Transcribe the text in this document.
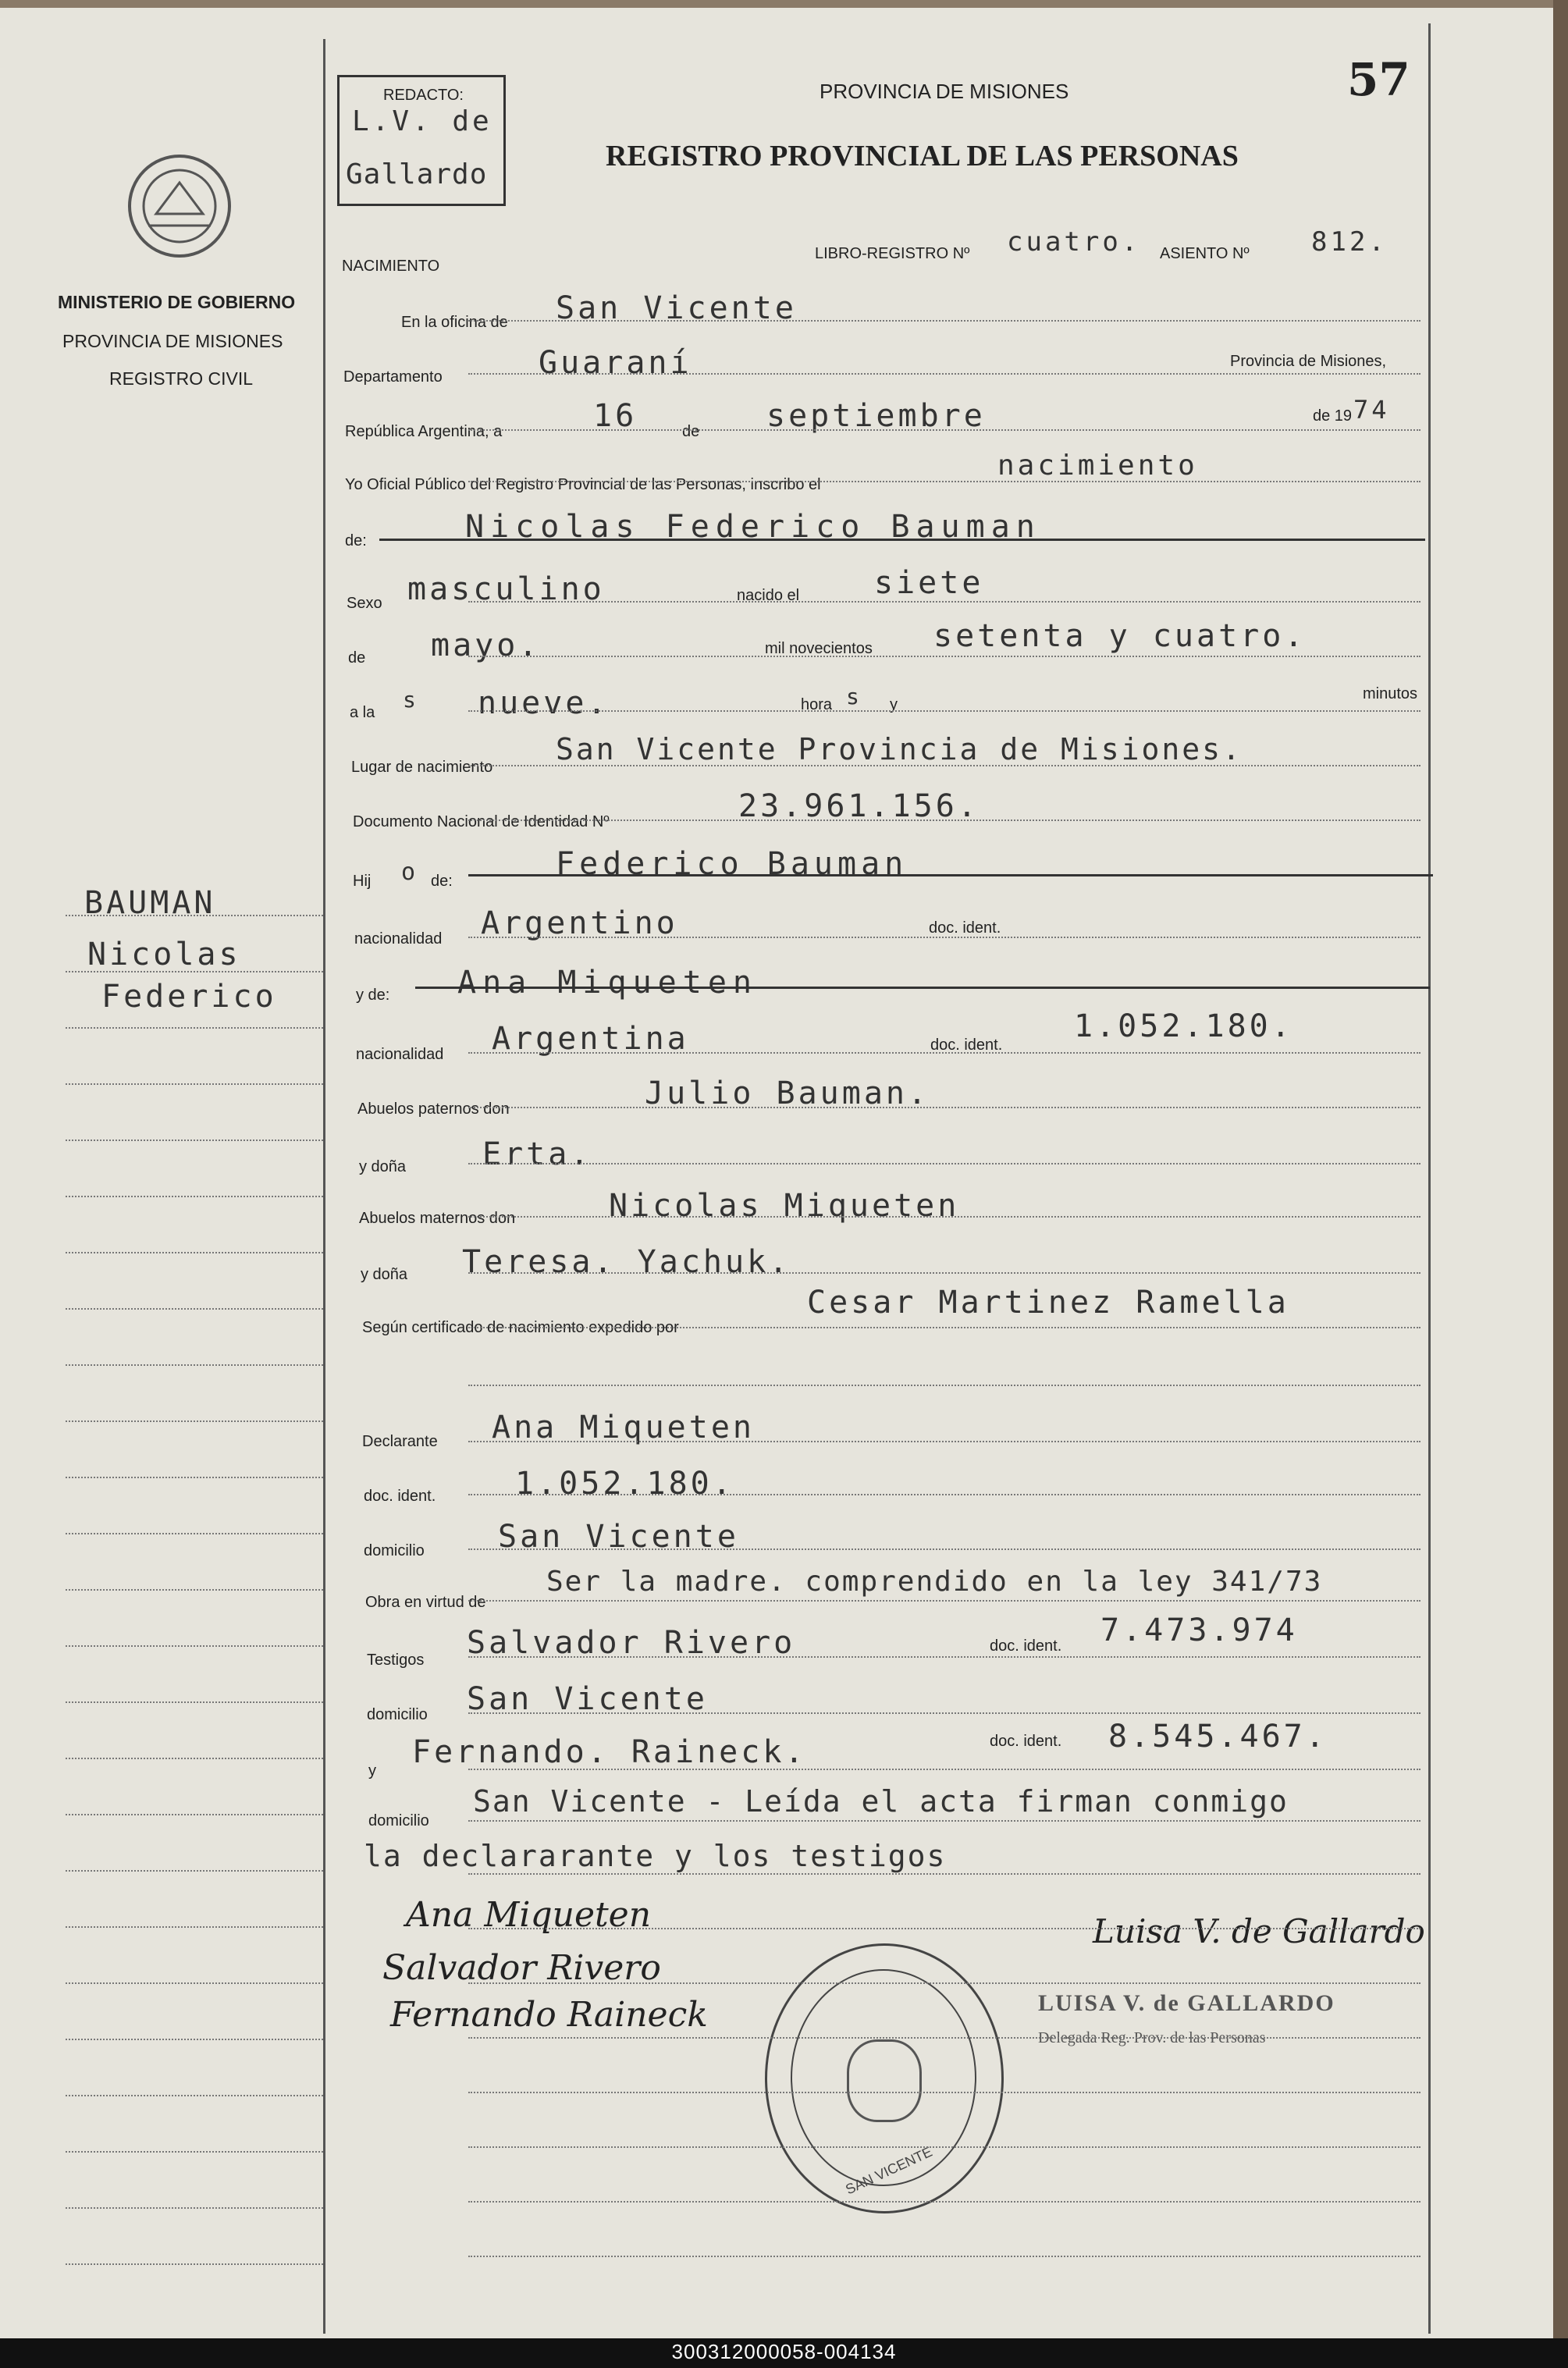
REDACTO:
L.V. de
Gallardo
PROVINCIA DE MISIONES	57
REGISTRO PROVINCIAL DE LAS PERSONAS
MINISTERIO DE GOBIERNO
PROVINCIA DE MISIONES
REGISTRO CIVIL
BAUMAN
Nicolas
Federico
NACIMIENTO
LIBRO-REGISTRO Nº cuatro. ASIENTO Nº 812.
En la oficina de San Vicente
Departamento	Guaraní	Provincia de Misiones,
República Argentina, a	16	de septiembre	de 19 74
Yo Oficial Público del Registro Provincial de las Personas, inscribo el
nacimiento
de:	Nicolas Federico Bauman
Sexo masculino	nacido el siete
de mayo.	mil novecientos setenta y cuatro.
a la s nueve.	hora s y
minutos
Lugar de nacimiento
San Vicente Provincia de Misiones.
Documento Nacional de Identidad Nº	23.961.156.
Hij o de:	Federico Bauman
nacionalidad Argentino	doc. ident.
y de: Ana Miqueten
nacionalidad Argentina	doc. ident.
1.052.180.
Abuelos paternos don	Julio Bauman.
y doña Erta.
Abuelos maternos don	Nicolas Miqueten
y doña Teresa. Yachuk.
Según certificado de nacimiento expedido por
Cesar Martinez Ramella
Declarante Ana Miqueten
doc. ident.	1.052.180.
domicilio San Vicente
Obra en virtud de
Ser la madre. comprendido en la ley 341/73
Testigos Salvador Rivero	doc. ident. 7.473.974
domicilio San Vicente
y
Fernando. Raineck.	doc. ident. 8.545.467.
domicilio
San Vicente - Leída el acta firman conmigo
la declararante y los testigos
Ana Miqueten
Salvador Rivero
Fernando Raineck
Luisa V. de Gallardo
LUISA V. de GALLARDO
Delegada Reg. Prov. de las Personas
SAN VICENTE
300312000058-004134
